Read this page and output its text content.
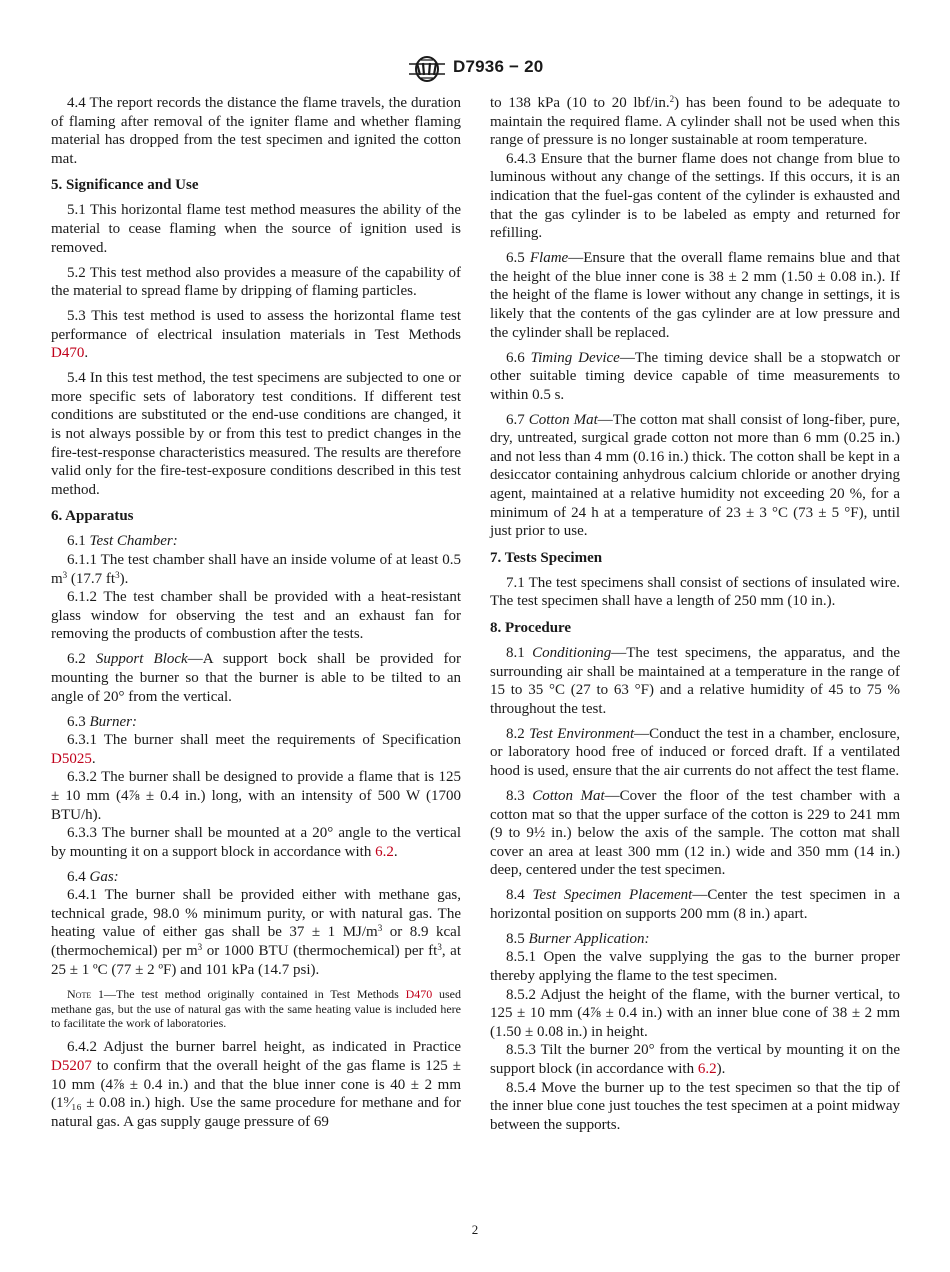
D7936 − 20

4.4 The report records the distance the flame travels, the duration of flaming after removal of the igniter flame and whether flaming material has dropped from the test specimen and ignited the cotton mat.

5. Significance and Use

5.1 This horizontal flame test method measures the ability of the material to cease flaming when the source of ignition used is removed.

5.2 This test method also provides a measure of the capability of the material to spread flame by dripping of flaming particles.

5.3 This test method is used to assess the horizontal flame test performance of electrical insulation materials in Test Methods D470.

5.4 In this test method, the test specimens are subjected to one or more specific sets of laboratory test conditions. If different test conditions are substituted or the end-use conditions are changed, it is not always possible by or from this test to predict changes in the fire-test-response characteristics measured. The results are therefore valid only for the fire-test-exposure conditions described in this test method.

6. Apparatus

6.1 Test Chamber:

6.1.1 The test chamber shall have an inside volume of at least 0.5 $m^3$ (17.7 $ft^3$).

6.1.2 The test chamber shall be provided with a heat-resistant glass window for observing the test and an exhaust fan for removing the products of combustion after the tests.

6.2 Support Block—A support bock shall be provided for mounting the burner so that the burner is able to be tilted to an angle of 20° from the vertical.

6.3 Burner:

6.3.1 The burner shall meet the requirements of Specification D5025.

6.3.2 The burner shall be designed to provide a flame that is 125 ± 10 mm (4⅞ ± 0.4 in.) long, with an intensity of 500 W (1700 BTU/h).

6.3.3 The burner shall be mounted at a 20° angle to the vertical by mounting it on a support block in accordance with 6.2.

6.4 Gas:

6.4.1 The burner shall be provided either with methane gas, technical grade, 98.0 % minimum purity, or with natural gas. The heating value of either gas shall be 37 ± 1 $MJ/m^3$ or 8.9 kcal (thermochemical) per $m^3$ or 1000 BTU (thermochemical) per $ft^3$, at 25 ± 1 ºC (77 ± 2 ºF) and 101 kPa (14.7 psi).

Note 1—The test method originally contained in Test Methods D470 used methane gas, but the use of natural gas with the same heating value is included here to facilitate the work of laboratories.

6.4.2 Adjust the burner barrel height, as indicated in Practice D5207 to confirm that the overall height of the gas flame is 125 ± 10 mm (4⅞ ± 0.4 in.) and that the blue inner cone is 40 ± 2 mm (1⁹⁄₁₆ ± 0.08 in.) high. Use the same procedure for methane and for natural gas. A gas supply gauge pressure of 69

to 138 kPa (10 to 20 lbf/in.$^2$) has been found to be adequate to maintain the required flame. A cylinder shall not be used when this range of pressure is no longer sustainable at room temperature.

6.4.3 Ensure that the burner flame does not change from blue to luminous without any change of the settings. If this occurs, it is an indication that the fuel-gas content of the cylinder is exhausted and that the gas cylinder is to be labeled as empty and returned for refilling.

6.5 Flame—Ensure that the overall flame remains blue and that the height of the blue inner cone is 38 ± 2 mm (1.50 ± 0.08 in.). If the height of the flame is lower without any change in settings, it is likely that the contents of the gas cylinder are at low pressure and the cylinder shall be replaced.

6.6 Timing Device—The timing device shall be a stopwatch or other suitable timing device capable of time measurements to within 0.5 s.

6.7 Cotton Mat—The cotton mat shall consist of long-fiber, pure, dry, untreated, surgical grade cotton not more than 6 mm (0.25 in.) and not less than 4 mm (0.16 in.) thick. The cotton shall be kept in a desiccator containing anhydrous calcium chloride or another drying agent, maintained at a relative humidity not exceeding 20 %, for a minimum of 24 h at a temperature of 23 ± 3 °C (73 ± 5 °F), until just prior to use.

7. Tests Specimen

7.1 The test specimens shall consist of sections of insulated wire. The test specimen shall have a length of 250 mm (10 in.).

8. Procedure

8.1 Conditioning—The test specimens, the apparatus, and the surrounding air shall be maintained at a temperature in the range of 15 to 35 °C (27 to 63 °F) and a relative humidity of 45 to 75 % throughout the test.

8.2 Test Environment—Conduct the test in a chamber, enclosure, or laboratory hood free of induced or forced draft. If a ventilated hood is used, ensure that the air currents do not affect the test flame.

8.3 Cotton Mat—Cover the floor of the test chamber with a cotton mat so that the upper surface of the cotton is 229 to 241 mm (9 to 9½ in.) below the axis of the sample. The cotton mat shall cover an area at least 300 mm (12 in.) wide and 350 mm (14 in.) deep, centered under the test specimen.

8.4 Test Specimen Placement—Center the test specimen in a horizontal position on supports 200 mm (8 in.) apart.

8.5 Burner Application:

8.5.1 Open the valve supplying the gas to the burner proper thereby applying the flame to the test specimen.

8.5.2 Adjust the height of the flame, with the burner vertical, to 125 ± 10 mm (4⅞ ± 0.4 in.) with an inner blue cone of 38 ± 2 mm (1.50 ± 0.08 in.) in height.

8.5.3 Tilt the burner 20° from the vertical by mounting it on the support block (in accordance with 6.2).

8.5.4 Move the burner up to the test specimen so that the tip of the inner blue cone just touches the test specimen at a point midway between the supports.

2
